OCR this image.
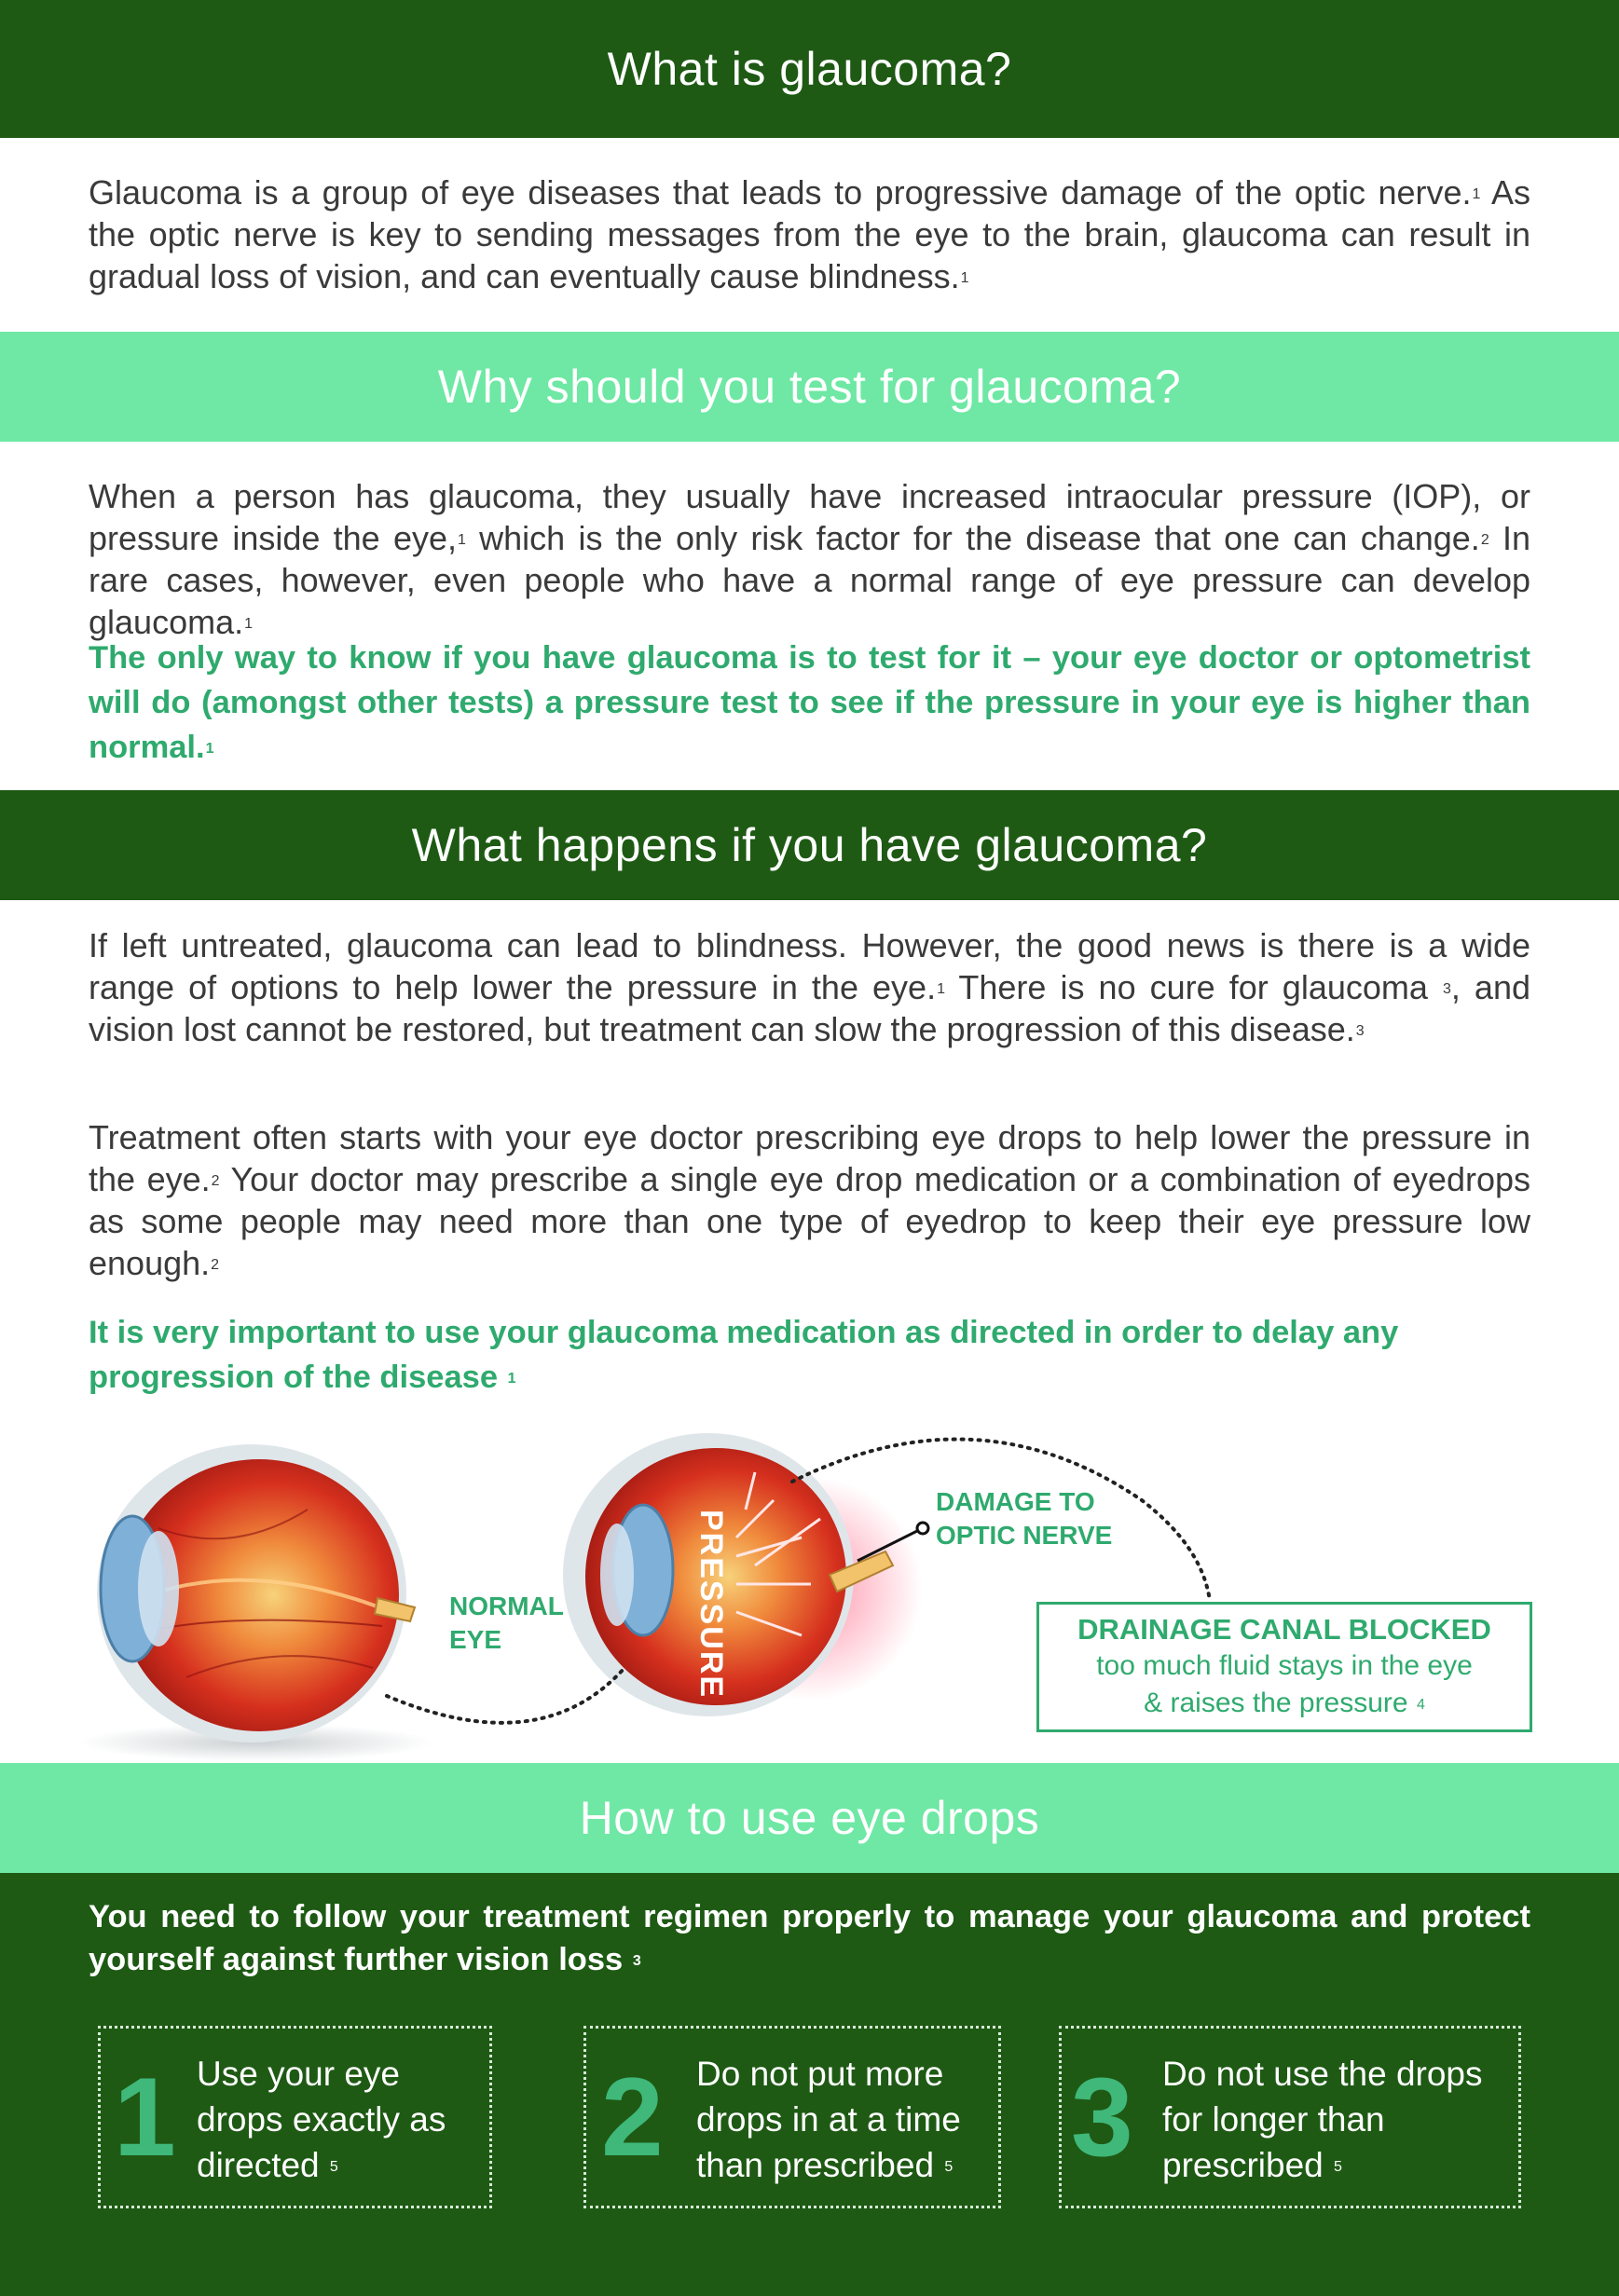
What is glaucoma?

Glaucoma is a group of eye diseases that leads to progressive damage of the optic nerve.$^1$ As the optic nerve is key to sending messages from the eye to the brain, glaucoma can result in gradual loss of vision, and can eventually cause blindness.$^1$

Why should you test for glaucoma?

When a person has glaucoma, they usually have increased intraocular pressure (IOP), or pressure inside the eye,$^1$ which is the only risk factor for the disease that one can change.$^2$ In rare cases, however, even people who have a normal range of eye pressure can develop glaucoma.$^1$

The only way to know if you have glaucoma is to test for it – your eye doctor or optometrist will do (amongst other tests) a pressure test to see if the pressure in your eye is higher than normal.$^1$

What happens if you have glaucoma?

If left untreated, glaucoma can lead to blindness. However, the good news is there is a wide range of options to help lower the pressure in the eye.$^1$ There is no cure for glaucoma $^3$, and vision lost cannot be restored, but treatment can slow the progression of this disease.$^3$

Treatment often starts with your eye doctor prescribing eye drops to help lower the pressure in the eye.$^2$ Your doctor may prescribe a single eye drop medication or a combination of eyedrops as some people may need more than one type of eyedrop to keep their eye pressure low enough.$^2$

It is very important to use your glaucoma medication as directed in order to delay any progression of the disease $^1$

PRESSURE
NORMAL
EYE
DAMAGE TO
OPTIC NERVE
DRAINAGE CANAL BLOCKED
too much fluid stays in the eye
& raises the pressure $^4$
How to use eye drops

You need to follow your treatment regimen properly to manage your glaucoma and protect yourself against further vision loss $^3$

1 Use your eye
drops exactly as
directed $^5$	2 Do not put more
drops in at a time
than prescribed $^5$ 3 Do not use the drops
for longer than
prescribed $^5$
